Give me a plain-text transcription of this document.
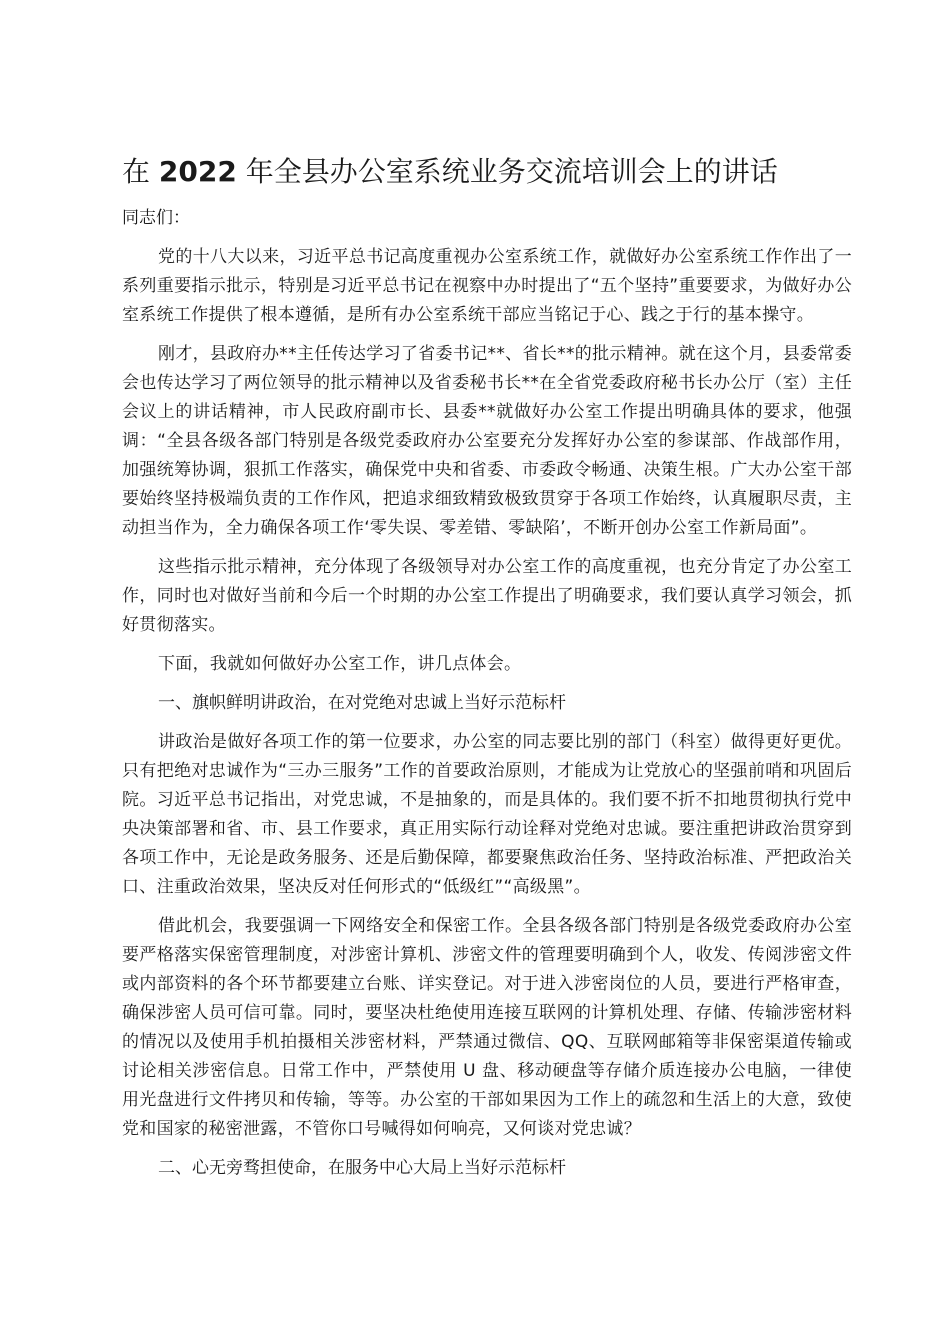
在 2022 年全县办公室系统业务交流培训会上的讲话

同志们：

党的十八大以来，习近平总书记高度重视办公室系统工作，就做好办公室系统工作作出了一系列重要指示批示，特别是习近平总书记在视察中办时提出了“五个坚持”重要要求，为做好办公室系统工作提供了根本遵循，是所有办公室系统干部应当铭记于心、践之于行的基本操守。

刚才，县政府办**主任传达学习了省委书记**、省长**的批示精神。就在这个月，县委常委会也传达学习了两位领导的批示精神以及省委秘书长**在全省党委政府秘书长办公厅（室）主任会议上的讲话精神，市人民政府副市长、县委**就做好办公室工作提出明确具体的要求，他强调：“全县各级各部门特别是各级党委政府办公室要充分发挥好办公室的参谋部、作战部作用，加强统筹协调，狠抓工作落实，确保党中央和省委、市委政令畅通、决策生根。广大办公室干部要始终坚持极端负责的工作作风，把追求细致精致极致贯穿于各项工作始终，认真履职尽责，主动担当作为，全力确保各项工作‘零失误、零差错、零缺陷’，不断开创办公室工作新局面”。

这些指示批示精神，充分体现了各级领导对办公室工作的高度重视，也充分肯定了办公室工作，同时也对做好当前和今后一个时期的办公室工作提出了明确要求，我们要认真学习领会，抓好贯彻落实。

下面，我就如何做好办公室工作，讲几点体会。

一、旗帜鲜明讲政治，在对党绝对忠诚上当好示范标杆

讲政治是做好各项工作的第一位要求，办公室的同志要比别的部门（科室）做得更好更优。只有把绝对忠诚作为“三办三服务”工作的首要政治原则，才能成为让党放心的坚强前哨和巩固后院。习近平总书记指出，对党忠诚，不是抽象的，而是具体的。我们要不折不扣地贯彻执行党中央决策部署和省、市、县工作要求，真正用实际行动诠释对党绝对忠诚。要注重把讲政治贯穿到各项工作中，无论是政务服务、还是后勤保障，都要聚焦政治任务、坚持政治标准、严把政治关口、注重政治效果，坚决反对任何形式的“低级红”“高级黑”。

借此机会，我要强调一下网络安全和保密工作。全县各级各部门特别是各级党委政府办公室要严格落实保密管理制度，对涉密计算机、涉密文件的管理要明确到个人，收发、传阅涉密文件或内部资料的各个环节都要建立台账、详实登记。对于进入涉密岗位的人员，要进行严格审查，确保涉密人员可信可靠。同时，要坚决杜绝使用连接互联网的计算机处理、存储、传输涉密材料的情况以及使用手机拍摄相关涉密材料，严禁通过微信、QQ、互联网邮箱等非保密渠道传输或讨论相关涉密信息。日常工作中，严禁使用 U 盘、移动硬盘等存储介质连接办公电脑，一律使用光盘进行文件拷贝和传输，等等。办公室的干部如果因为工作上的疏忽和生活上的大意，致使党和国家的秘密泄露，不管你口号喊得如何响亮，又何谈对党忠诚？

二、心无旁骛担使命，在服务中心大局上当好示范标杆
